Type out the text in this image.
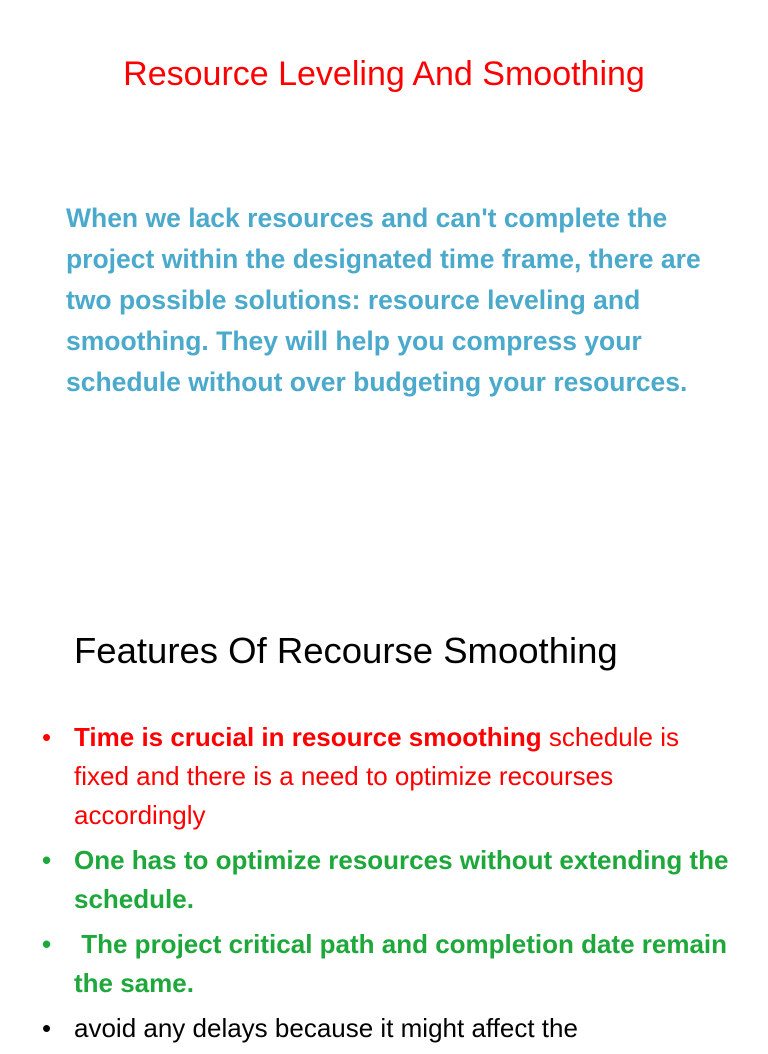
Resource Leveling And Smoothing

When we lack resources and can't complete the project within the designated time frame, there are two possible solutions: resource leveling and smoothing. They will help you compress your schedule without over budgeting your resources.

Features Of Recourse Smoothing
• Time is crucial in resource smoothing schedule is fixed and there is a need to optimize recourses accordingly
• One has to optimize resources without extending the schedule.
• The project critical path and completion date remain the same.
• avoid any delays because it might affect the
